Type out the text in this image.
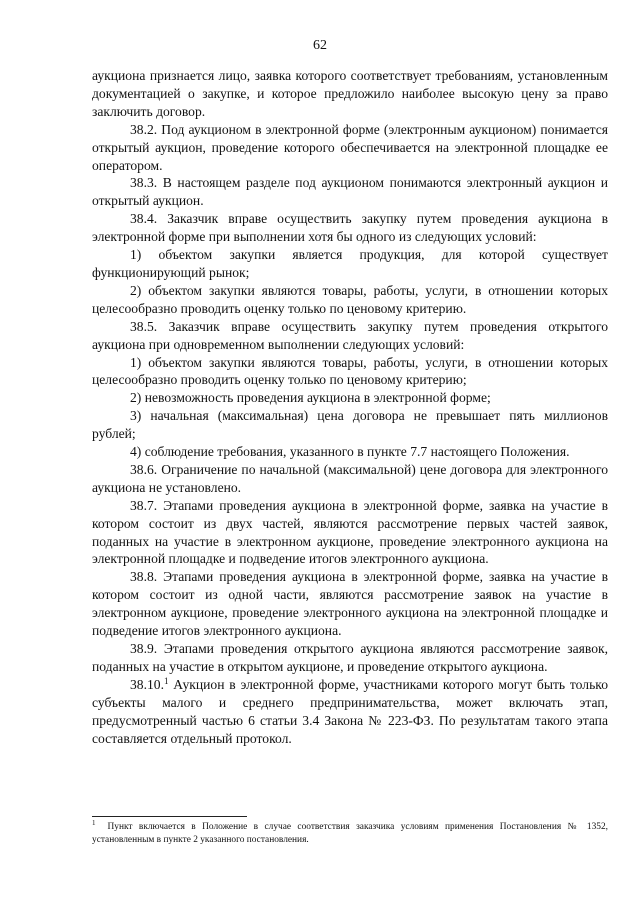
62

аукциона признается лицо, заявка которого соответствует требованиям, установленным документацией о закупке, и которое предложило наиболее высокую цену за право заключить договор.

38.2. Под аукционом в электронной форме (электронным аукционом) понимается открытый аукцион, проведение которого обеспечивается на электронной площадке ее оператором.

38.3. В настоящем разделе под аукционом понимаются электронный аукцион и открытый аукцион.

38.4. Заказчик вправе осуществить закупку путем проведения аукциона в электронной форме при выполнении хотя бы одного из следующих условий:

1) объектом закупки является продукция, для которой существует функционирующий рынок;

2) объектом закупки являются товары, работы, услуги, в отношении которых целесообразно проводить оценку только по ценовому критерию.

38.5. Заказчик вправе осуществить закупку путем проведения открытого аукциона при одновременном выполнении следующих условий:

1) объектом закупки являются товары, работы, услуги, в отношении которых целесообразно проводить оценку только по ценовому критерию;

2) невозможность проведения аукциона в электронной форме;

3) начальная (максимальная) цена договора не превышает пять миллионов рублей;

4) соблюдение требования, указанного в пункте 7.7 настоящего Положения.

38.6. Ограничение по начальной (максимальной) цене договора для электронного аукциона не установлено.

38.7. Этапами проведения аукциона в электронной форме, заявка на участие в котором состоит из двух частей, являются рассмотрение первых частей заявок, поданных на участие в электронном аукционе, проведение электронного аукциона на электронной площадке и подведение итогов электронного аукциона.

38.8. Этапами проведения аукциона в электронной форме, заявка на участие в котором состоит из одной части, являются рассмотрение заявок на участие в электронном аукционе, проведение электронного аукциона на электронной площадке и подведение итогов электронного аукциона.

38.9. Этапами проведения открытого аукциона являются рассмотрение заявок, поданных на участие в открытом аукционе, и проведение открытого аукциона.

38.10.$^1$ Аукцион в электронной форме, участниками которого могут быть только субъекты малого и среднего предпринимательства, может включать этап, предусмотренный частью 6 статьи 3.4 Закона № 223-ФЗ. По результатам такого этапа составляется отдельный протокол.

$^1$ Пункт включается в Положение в случае соответствия заказчика условиям применения Постановления № 1352, установленным в пункте 2 указанного постановления.
